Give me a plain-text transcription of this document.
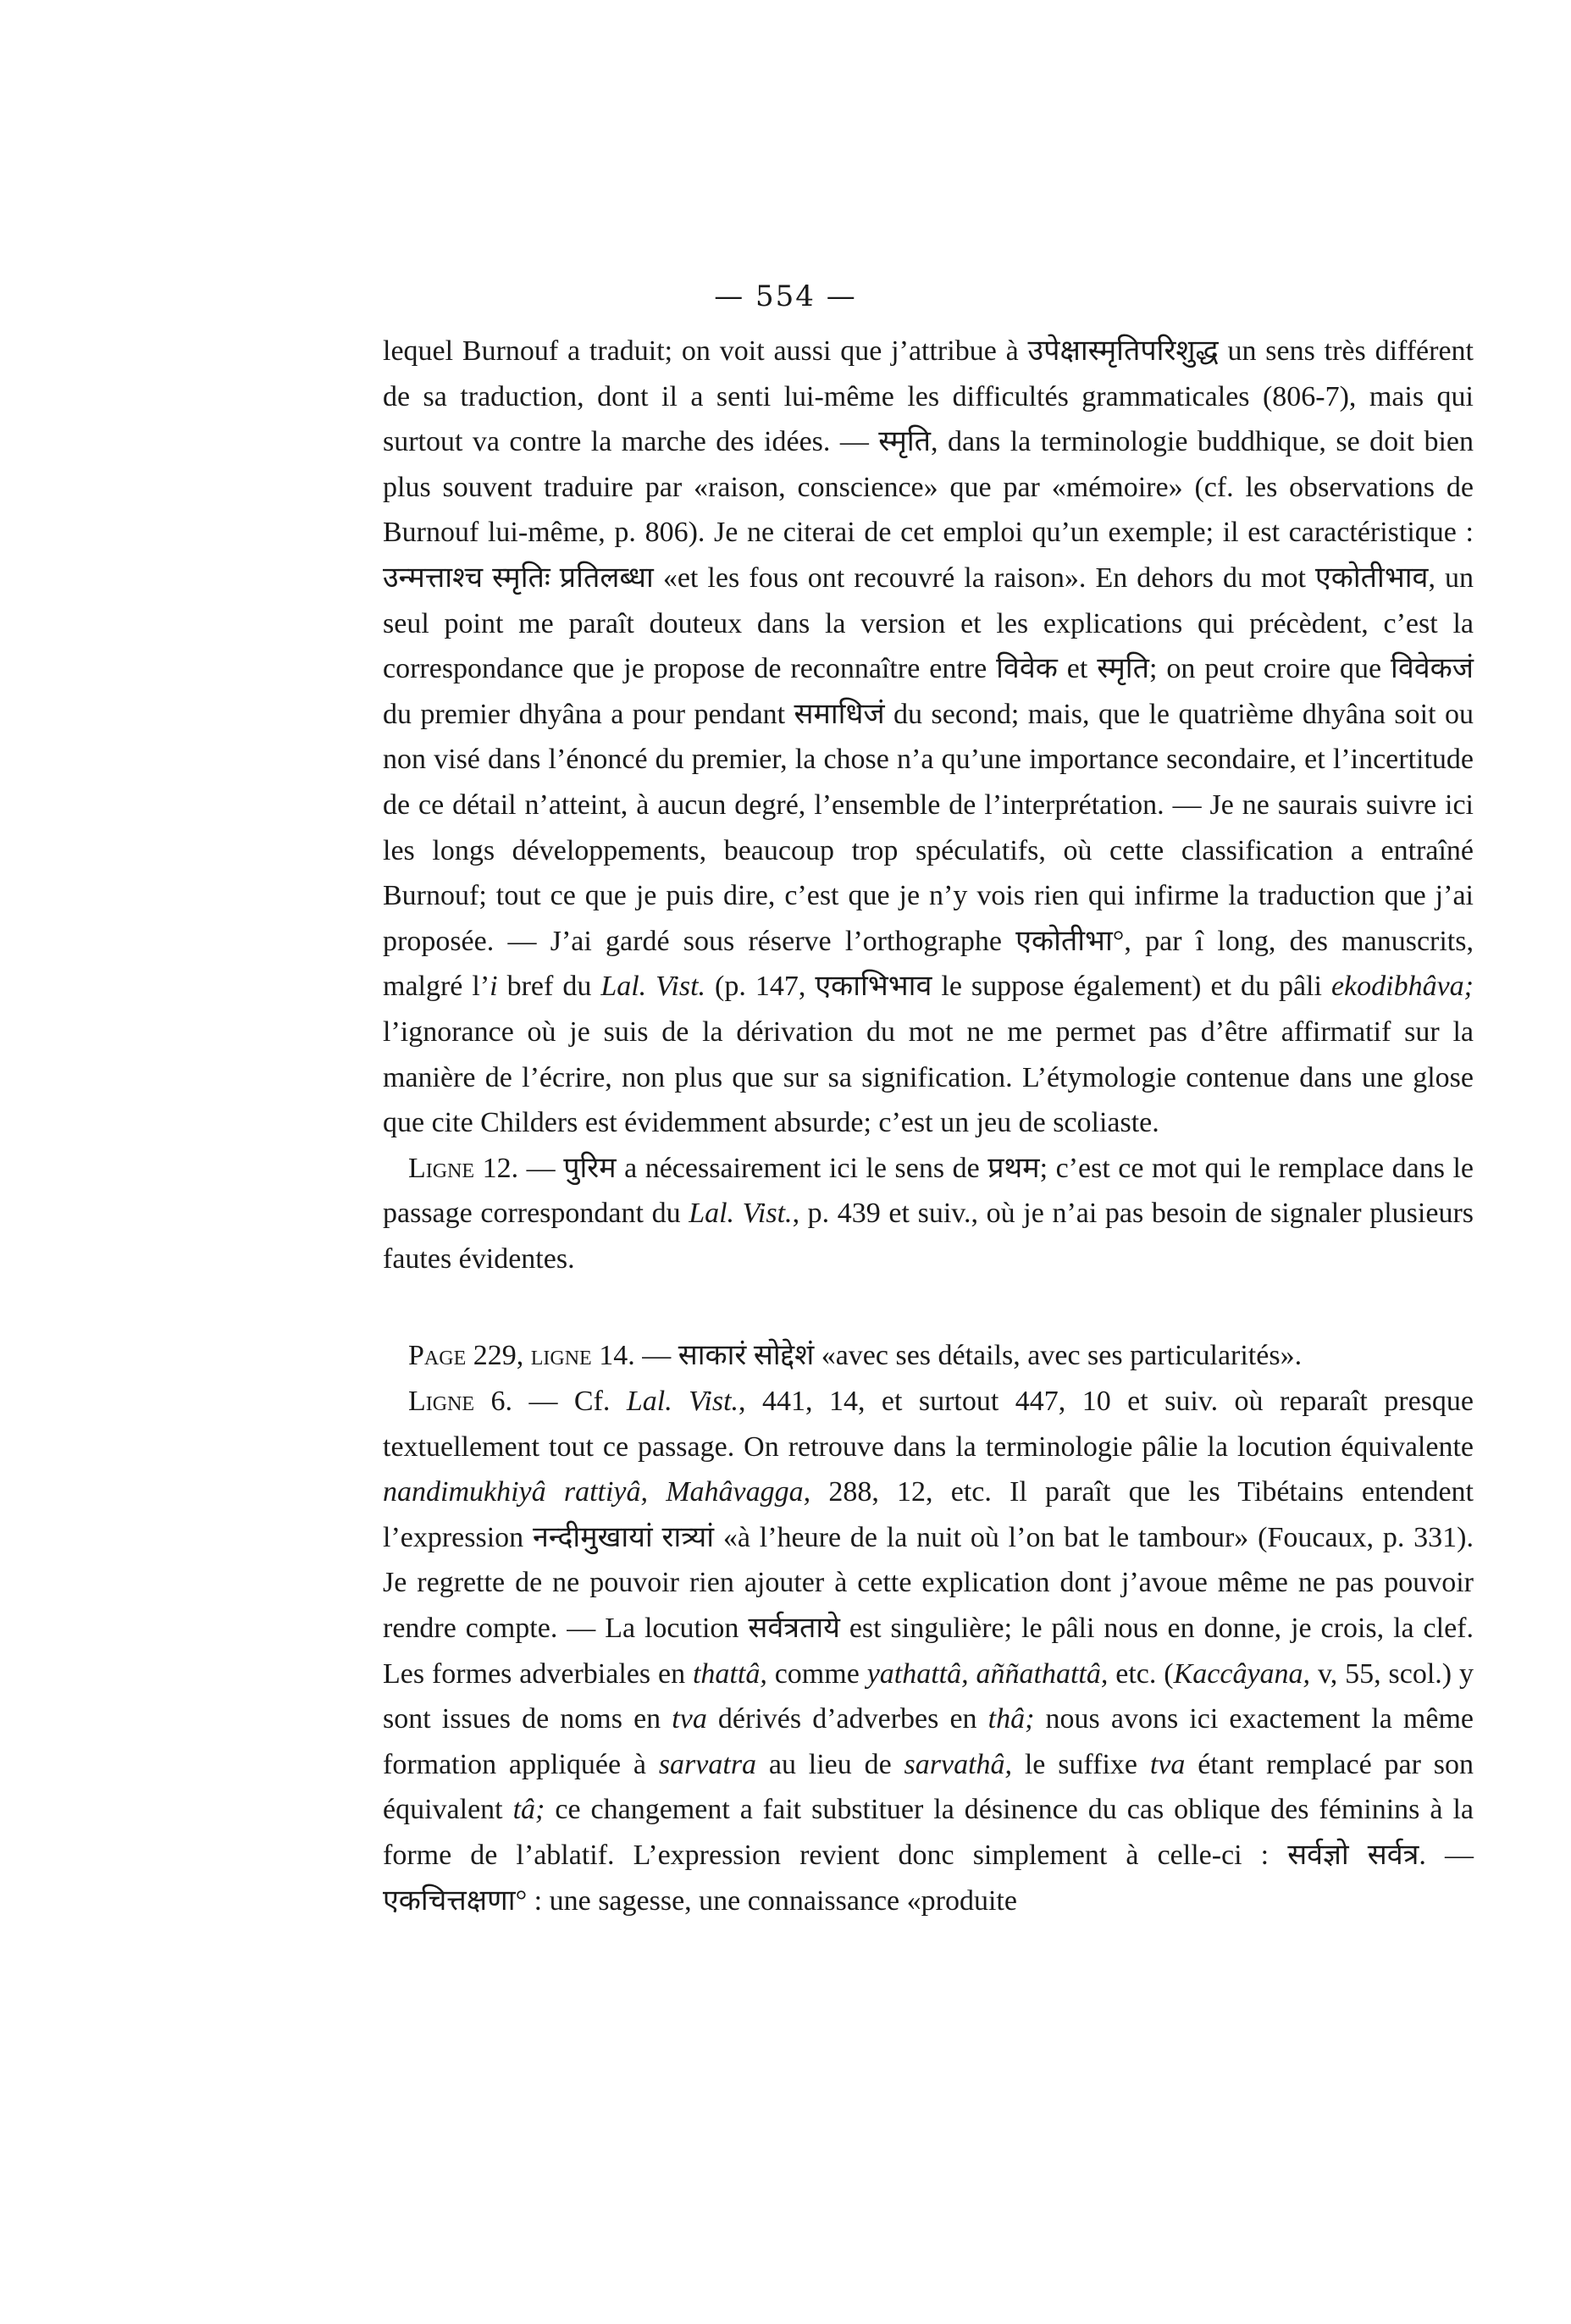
— 554 —

lequel Burnouf a traduit; on voit aussi que j’attribue à उपेक्षास्मृतिपरिशुद्ध un sens très différent de sa traduction, dont il a senti lui-même les difficultés grammaticales (806-7), mais qui surtout va contre la marche des idées. — स्मृति, dans la terminologie buddhique, se doit bien plus souvent traduire par «raison, conscience» que par «mémoire» (cf. les observations de Burnouf lui-même, p. 806). Je ne citerai de cet emploi qu’un exemple; il est caractéristique : उन्मत्ताश्च स्मृतिः प्रतिलब्धा «et les fous ont recouvré la raison». En dehors du mot एकोतीभाव, un seul point me paraît douteux dans la version et les explications qui précèdent, c’est la correspondance que je propose de reconnaître entre विवेक et स्मृति; on peut croire que विवेकजं du premier dhyâna a pour pendant समाधिजं du second; mais, que le quatrième dhyâna soit ou non visé dans l’énoncé du premier, la chose n’a qu’une importance secondaire, et l’incertitude de ce détail n’atteint, à aucun degré, l’ensemble de l’interprétation. — Je ne saurais suivre ici les longs développements, beaucoup trop spéculatifs, où cette classification a entraîné Burnouf; tout ce que je puis dire, c’est que je n’y vois rien qui infirme la traduction que j’ai proposée. — J’ai gardé sous réserve l’orthographe एकोतीभा°, par î long, des manuscrits, malgré l’i bref du Lal. Vist. (p. 147, एकाभिभाव le suppose également) et du pâli ekodibhâva; l’ignorance où je suis de la dérivation du mot ne me permet pas d’être affirmatif sur la manière de l’écrire, non plus que sur sa signification. L’étymologie contenue dans une glose que cite Childers est évidemment absurde; c’est un jeu de scoliaste.

Ligne 12. — पुरिम a nécessairement ici le sens de प्रथम; c’est ce mot qui le remplace dans le passage correspondant du Lal. Vist., p. 439 et suiv., où je n’ai pas besoin de signaler plusieurs fautes évidentes.

Page 229, ligne 14. — साकारं सोद्देशं «avec ses détails, avec ses particularités».

Ligne 6. — Cf. Lal. Vist., 441, 14, et surtout 447, 10 et suiv. où reparaît presque textuellement tout ce passage. On retrouve dans la terminologie pâlie la locution équivalente nandimukhiyâ rattiyâ, Mahâvagga, 288, 12, etc. Il paraît que les Tibétains entendent l’expression नन्दीमुखायां रात्र्यां «à l’heure de la nuit où l’on bat le tambour» (Foucaux, p. 331). Je regrette de ne pouvoir rien ajouter à cette explication dont j’avoue même ne pas pouvoir rendre compte. — La locution सर्वत्रताये est singulière; le pâli nous en donne, je crois, la clef. Les formes adverbiales en thattâ, comme yathattâ, aññathattâ, etc. (Kaccâyana, v, 55, scol.) y sont issues de noms en tva dérivés d’adverbes en thâ; nous avons ici exactement la même formation appliquée à sarvatra au lieu de sarvathâ, le suffixe tva étant remplacé par son équivalent tâ; ce changement a fait substituer la désinence du cas oblique des féminins à la forme de l’ablatif. L’expression revient donc simplement à celle-ci : सर्वज्ञो सर्वत्र. — एकचित्तक्षणा° : une sagesse, une connaissance «produite
